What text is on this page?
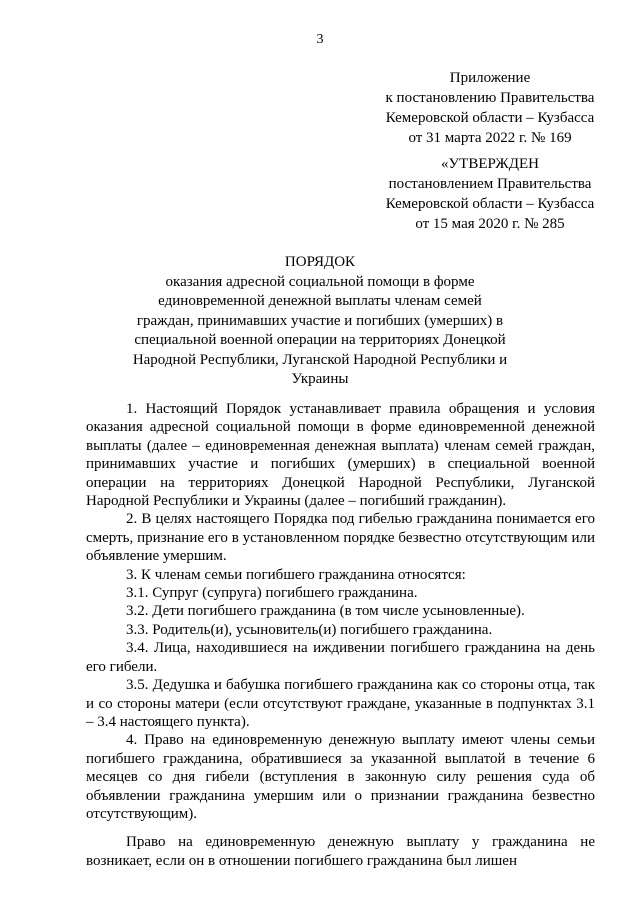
3
Приложение
к постановлению Правительства
Кемеровской области – Кузбасса
от 31 марта 2022 г. № 169
«УТВЕРЖДЕН
постановлением Правительства
Кемеровской области – Кузбасса
от 15 мая 2020 г. № 285
ПОРЯДОК
оказания адресной социальной помощи в форме
единовременной денежной выплаты членам семей
граждан, принимавших участие и погибших (умерших) в
специальной военной операции на территориях Донецкой
Народной Республики, Луганской Народной Республики и
Украины

1. Настоящий Порядок устанавливает правила обращения и условия оказания адресной социальной помощи в форме единовременной денежной выплаты (далее – единовременная денежная выплата) членам семей граждан, принимавших участие и погибших (умерших) в специальной военной операции на территориях Донецкой Народной Республики, Луганской Народной Республики и Украины (далее – погибший гражданин).

2. В целях настоящего Порядка под гибелью гражданина понимается его смерть, признание его в установленном порядке безвестно отсутствующим или объявление умершим.

3. К членам семьи погибшего гражданина относятся:

3.1. Супруг (супруга) погибшего гражданина.

3.2. Дети погибшего гражданина (в том числе усыновленные).

3.3. Родитель(и), усыновитель(и) погибшего гражданина.

3.4. Лица, находившиеся на иждивении погибшего гражданина на день его гибели.

3.5. Дедушка и бабушка погибшего гражданина как со стороны отца, так и со стороны матери (если отсутствуют граждане, указанные в подпунктах 3.1 – 3.4 настоящего пункта).

4. Право на единовременную денежную выплату имеют члены семьи погибшего гражданина, обратившиеся за указанной выплатой в течение 6 месяцев со дня гибели (вступления в законную силу решения суда об объявлении гражданина умершим или о признании гражданина безвестно отсутствующим).

Право на единовременную денежную выплату у гражданина не возникает, если он в отношении погибшего гражданина был лишен
